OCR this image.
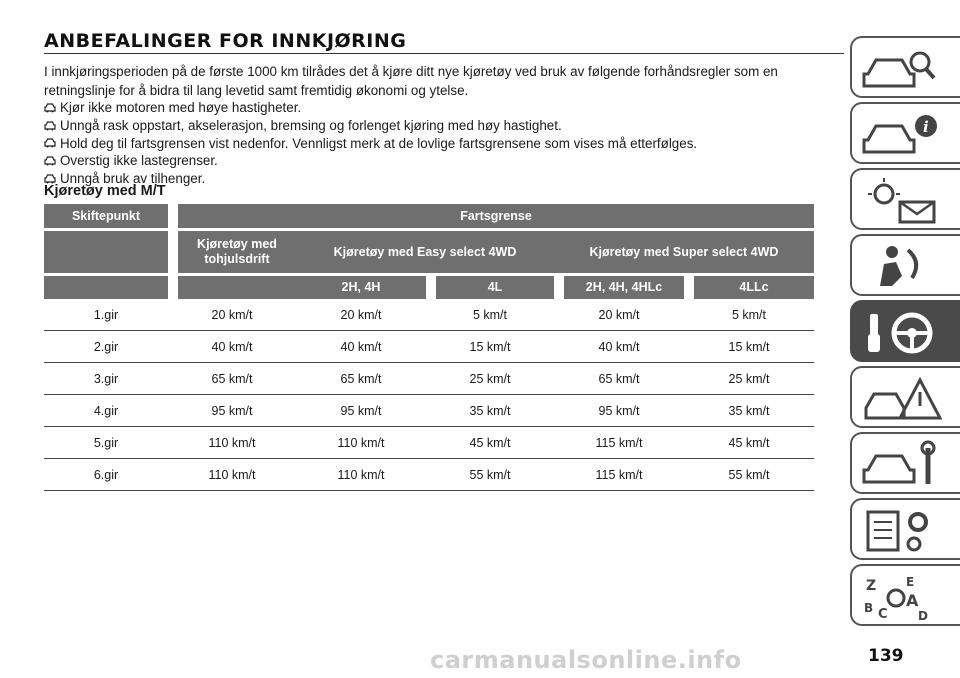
ANBEFALINGER FOR INNKJØRING
I innkjøringsperioden på de første 1000 km tilrådes det å kjøre ditt nye kjøretøy ved bruk av følgende forhåndsregler som en retningslinje for å bidra til lang levetid samt fremtidig økonomi og ytelse.
Kjør ikke motoren med høye hastigheter.
Unngå rask oppstart, akselerasjon, bremsing og forlenget kjøring med høy hastighet.
Hold deg til fartsgrensen vist nedenfor. Vennligst merk at de lovlige fartsgrensene som vises må etterfølges.
Overstig ikke lastegrenser.
Unngå bruk av tilhenger.
Kjøretøy med M/T
Skiftepunkt	Fartsgrense				
	Kjøretøy med tohjulsdrift	Kjøretøy med Easy select 4WD		Kjøretøy med Super select 4WD	
		2H, 4H	4L	2H, 4H, 4HLc	4LLc
1.gir	20 km/t	20 km/t	5 km/t	20 km/t	5 km/t
2.gir	40 km/t	40 km/t	15 km/t	40 km/t	15 km/t
3.gir	65 km/t	65 km/t	25 km/t	65 km/t	25 km/t
4.gir	95 km/t	95 km/t	35 km/t	95 km/t	35 km/t
5.gir	110 km/t	110 km/t	45 km/t	115 km/t	45 km/t
6.gir	110 km/t	110 km/t	55 km/t	115 km/t	55 km/t
i
Z E
B C
A
D
carmanualsonline.info	139
